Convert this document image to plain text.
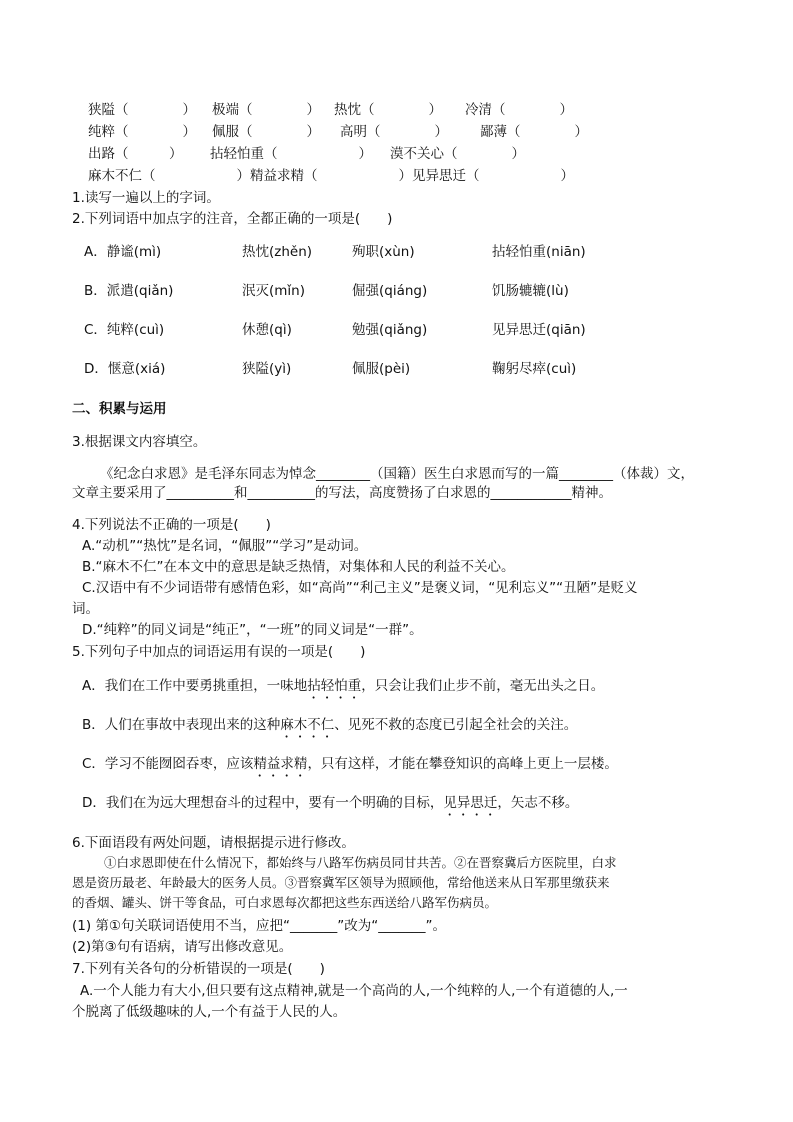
狭隘（　　　　） 极端（　　　　） 热忱（　　　　） 冷清（　　　　）
纯粹（　　　　） 佩服（　　　　） 高明（　　　　） 鄙薄（　　　　）
出路（　　　） 拈轻怕重（　　　　　　） 漠不关心（　　　　）
麻木不仁（　　　　　　） 精益求精（　　　　　　）见异思迁（　　　　　　）
1.读写一遍以上的字词。
2.下列词语中加点字的注音，全都正确的一项是(　　)
A．静谧(mì)	热忱(zhěn)	殉职(xùn)	拈轻怕重(niān)
B．派遣(qiǎn)	泯灭(mǐn)	倔强(qiáng)	饥肠辘辘(lù)
C．纯粹(cuì)	休憩(qì)	勉强(qiǎng)	见异思迁(qiān)
D．惬意(xiá)	狭隘(yì)	佩服(pèi)	鞠躬尽瘁(cuì)
二、积累与运用
3.根据课文内容填空。
《纪念白求恩》是毛泽东同志为悼念________（国籍）医生白求恩而写的一篇________（体裁）文，
文章主要采用了__________和__________的写法，高度赞扬了白求恩的____________精神。
4.下列说法不正确的一项是(　　)
A.“动机”“热忱”是名词，“佩服”“学习”是动词。
B.“麻木不仁”在本文中的意思是缺乏热情，对集体和人民的利益不关心。
C.汉语中有不少词语带有感情色彩，如“高尚”“利己主义”是褒义词，“见利忘义”“丑陋”是贬义
词。
D.“纯粹”的同义词是“纯正”，“一班”的同义词是“一群”。
5.下列句子中加点的词语运用有误的一项是(　　)
A．我们在工作中要勇挑重担，一味地拈轻怕重，只会让我们止步不前，毫无出头之日。
B．人们在事故中表现出来的这种麻木不仁、见死不救的态度已引起全社会的关注。
C．学习不能囫囵吞枣，应该精益求精，只有这样，才能在攀登知识的高峰上更上一层楼。
D．我们在为远大理想奋斗的过程中，要有一个明确的目标，见异思迁，矢志不移。
6.下面语段有两处问题，请根据提示进行修改。
①白求恩即使在什么情况下，都始终与八路军伤病员同甘共苦。②在晋察冀后方医院里，白求
恩是资历最老、年龄最大的医务人员。③晋察冀军区领导为照顾他，常给他送来从日军那里缴获来
的香烟、罐头、饼干等食品，可白求恩每次都把这些东西送给八路军伤病员。
(1) 第①句关联词语使用不当，应把“_______”改为“_______”。
(2)第③句有语病，请写出修改意见。
7.下列有关各句的分析错误的一项是(　　)
A.一个人能力有大小,但只要有这点精神,就是一个高尚的人,一个纯粹的人,一个有道德的人,一
个脱离了低级趣味的人,一个有益于人民的人。
